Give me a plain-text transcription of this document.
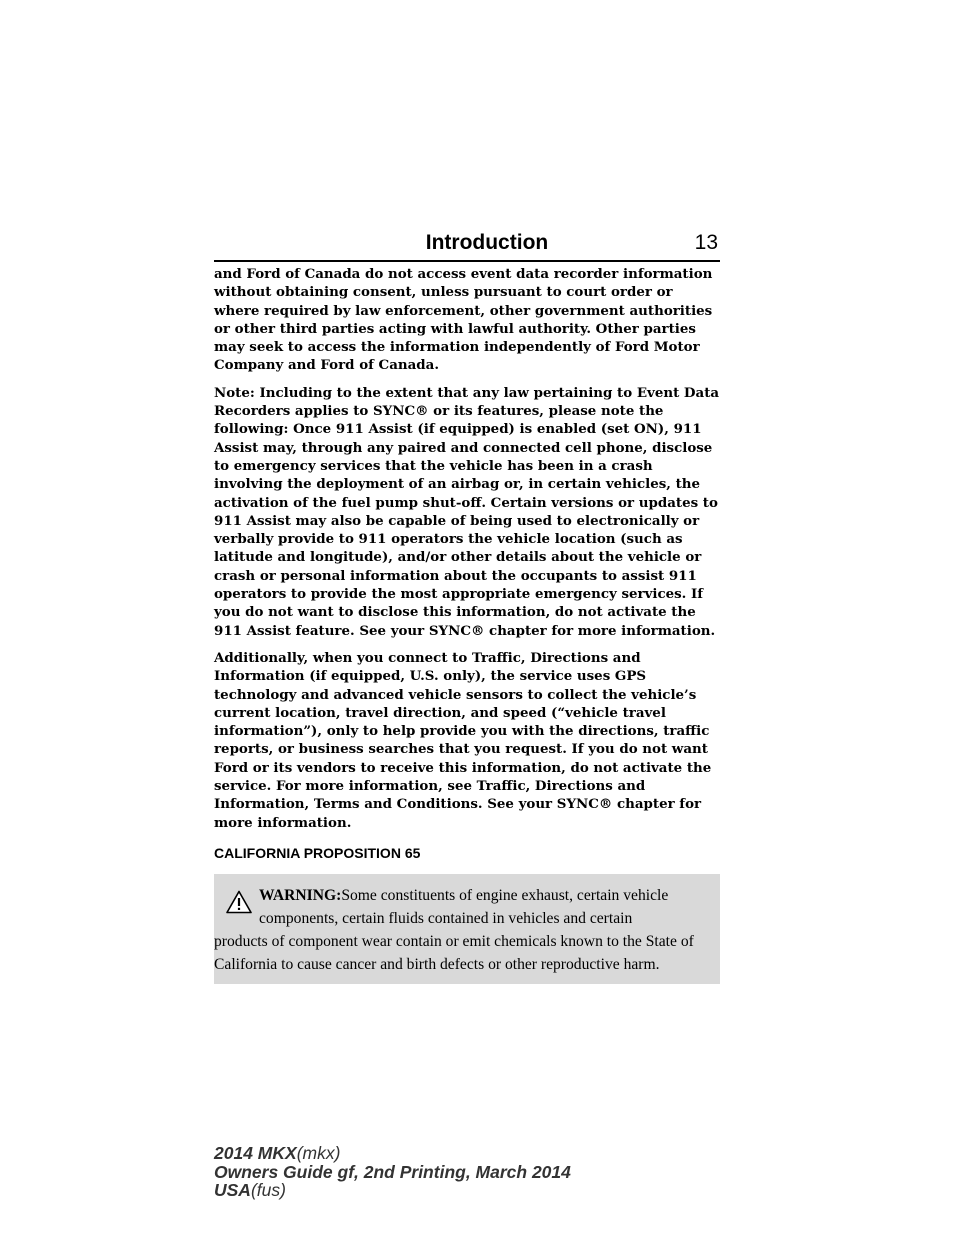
Introduction	13

and Ford of Canada do not access event data recorder information without obtaining consent, unless pursuant to court order or where required by law enforcement, other government authorities or other third parties acting with lawful authority. Other parties may seek to access the information independently of Ford Motor Company and Ford of Canada.

Note: Including to the extent that any law pertaining to Event Data Recorders applies to SYNC® or its features, please note the following: Once 911 Assist (if equipped) is enabled (set ON), 911 Assist may, through any paired and connected cell phone, disclose to emergency services that the vehicle has been in a crash involving the deployment of an airbag or, in certain vehicles, the activation of the fuel pump shut-off. Certain versions or updates to 911 Assist may also be capable of being used to electronically or verbally provide to 911 operators the vehicle location (such as latitude and longitude), and/or other details about the vehicle or crash or personal information about the occupants to assist 911 operators to provide the most appropriate emergency services. If you do not want to disclose this information, do not activate the 911 Assist feature. See your SYNC® chapter for more information.

Additionally, when you connect to Traffic, Directions and Information (if equipped, U.S. only), the service uses GPS technology and advanced vehicle sensors to collect the vehicle’s current location, travel direction, and speed (“vehicle travel information”), only to help provide you with the directions, traffic reports, or business searches that you request. If you do not want Ford or its vendors to receive this information, do not activate the service. For more information, see Traffic, Directions and Information, Terms and Conditions. See your SYNC® chapter for more information.

CALIFORNIA PROPOSITION 65
WARNING:Some constituents of engine exhaust, certain vehicle components, certain fluids contained in vehicles and certain
products of component wear contain or emit chemicals known to the State of California to cause cancer and birth defects or other reproductive harm.
2014 MKX(mkx)
Owners Guide gf, 2nd Printing, March 2014
USA(fus)
